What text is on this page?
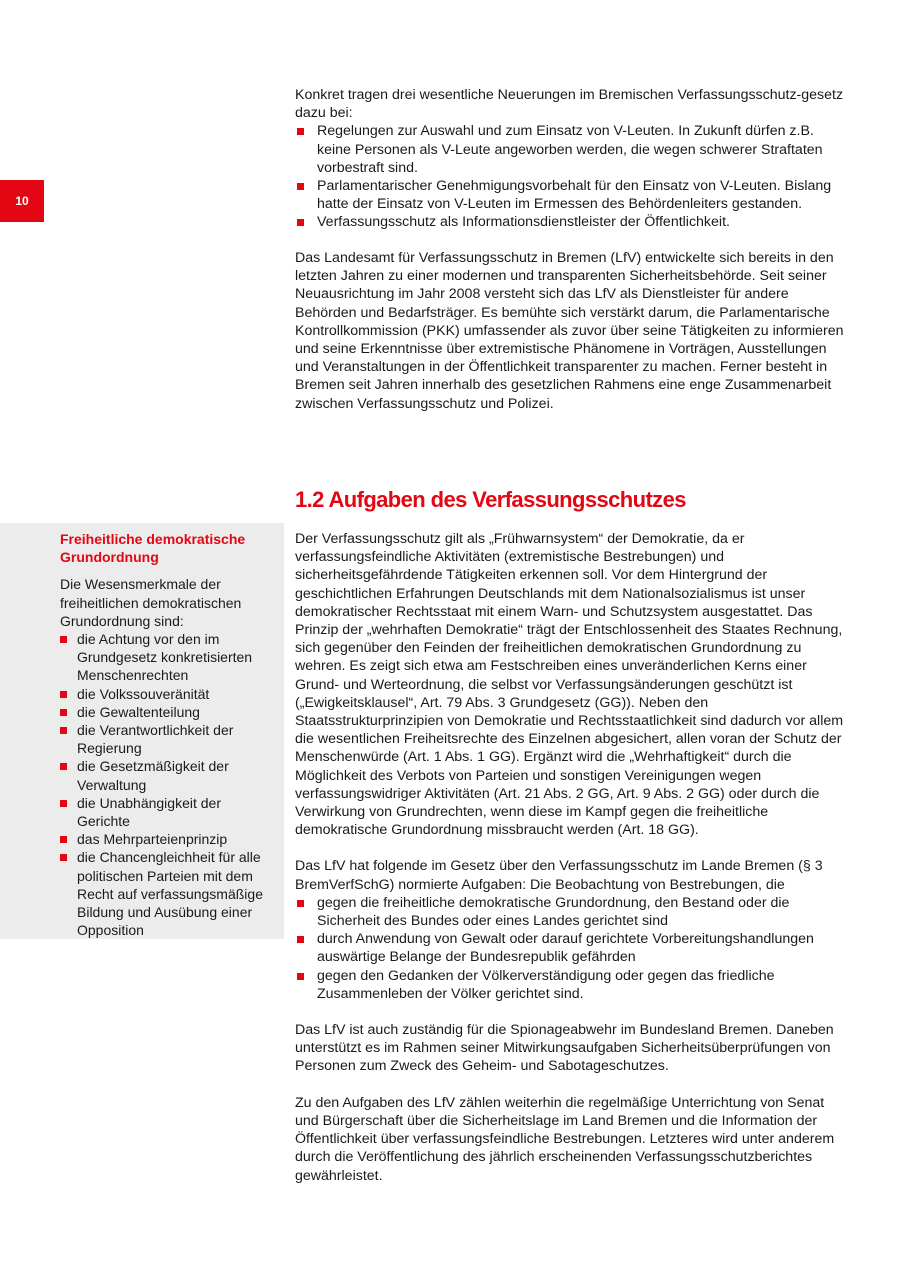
10

Konkret tragen drei wesentliche Neuerungen im Bremischen Verfassungsschutz-gesetz dazu bei:

Regelungen zur Auswahl und zum Einsatz von V-Leuten. In Zukunft dürfen z.B. keine Personen als V-Leute angeworben werden, die wegen schwerer Straftaten vorbestraft sind.
Parlamentarischer Genehmigungsvorbehalt für den Einsatz von V-Leuten. Bislang hatte der Einsatz von V-Leuten im Ermessen des Behördenleiters gestanden.
Verfassungsschutz als Informationsdienstleister der Öffentlichkeit.

Das Landesamt für Verfassungsschutz in Bremen (LfV) entwickelte sich bereits in den letzten Jahren zu einer modernen und transparenten Sicherheitsbehörde. Seit seiner Neuausrichtung im Jahr 2008 versteht sich das LfV als Dienstleister für andere Behörden und Bedarfsträger. Es bemühte sich verstärkt darum, die Parlamentarische Kontrollkommission (PKK) umfassender als zuvor über seine Tätigkeiten zu informieren und seine Erkenntnisse über extremistische Phänomene in Vorträgen, Ausstellungen und Veranstaltungen in der Öffentlichkeit transparenter zu machen. Ferner besteht in Bremen seit Jahren innerhalb des gesetzlichen Rahmens eine enge Zusammenarbeit zwischen Verfassungsschutz und Polizei.

1.2 Aufgaben des Verfassungsschutzes

Freiheitliche demokratische Grundordnung

Die Wesensmerkmale der freiheitlichen demokratischen Grundordnung sind:

die Achtung vor den im Grundgesetz konkretisierten Menschenrechten
die Volkssouveränität
die Gewaltenteilung
die Verantwortlichkeit der Regierung
die Gesetzmäßigkeit der Verwaltung
die Unabhängigkeit der Gerichte
das Mehrparteienprinzip
die Chancengleichheit für alle politischen Parteien mit dem Recht auf verfassungsmäßige Bildung und Ausübung einer Opposition

Der Verfassungsschutz gilt als „Frühwarnsystem“ der Demokratie, da er verfassungsfeindliche Aktivitäten (extremistische Bestrebungen) und sicherheitsgefährdende Tätigkeiten erkennen soll. Vor dem Hintergrund der geschichtlichen Erfahrungen Deutschlands mit dem Nationalsozialismus ist unser demokratischer Rechtsstaat mit einem Warn- und Schutzsystem ausgestattet. Das Prinzip der „wehrhaften Demokratie“ trägt der Entschlossenheit des Staates Rechnung, sich gegenüber den Feinden der freiheitlichen demokratischen Grundordnung zu wehren. Es zeigt sich etwa am Festschreiben eines unveränderlichen Kerns einer Grund- und Werteordnung, die selbst vor Verfassungsänderungen geschützt ist („Ewigkeitsklausel“, Art. 79 Abs. 3 Grundgesetz (GG)). Neben den Staatsstrukturprinzipien von Demokratie und Rechtsstaatlichkeit sind dadurch vor allem die wesentlichen Freiheitsrechte des Einzelnen abgesichert, allen voran der Schutz der Menschenwürde (Art. 1 Abs. 1 GG). Ergänzt wird die „Wehrhaftigkeit“ durch die Möglichkeit des Verbots von Parteien und sonstigen Vereinigungen wegen verfassungswidriger Aktivitäten (Art. 21 Abs. 2 GG, Art. 9 Abs. 2 GG) oder durch die Verwirkung von Grundrechten, wenn diese im Kampf gegen die freiheitliche demokratische Grundordnung missbraucht werden (Art. 18 GG).

Das LfV hat folgende im Gesetz über den Verfassungsschutz im Lande Bremen (§ 3 BremVerfSchG) normierte Aufgaben: Die Beobachtung von Bestrebungen, die

gegen die freiheitliche demokratische Grundordnung, den Bestand oder die Sicherheit des Bundes oder eines Landes gerichtet sind
durch Anwendung von Gewalt oder darauf gerichtete Vorbereitungshandlungen auswärtige Belange der Bundesrepublik gefährden
gegen den Gedanken der Völkerverständigung oder gegen das friedliche Zusammenleben der Völker gerichtet sind.

Das LfV ist auch zuständig für die Spionageabwehr im Bundesland Bremen. Daneben unterstützt es im Rahmen seiner Mitwirkungsaufgaben Sicherheitsüberprüfungen von Personen zum Zweck des Geheim- und Sabotageschutzes.

Zu den Aufgaben des LfV zählen weiterhin die regelmäßige Unterrichtung von Senat und Bürgerschaft über die Sicherheitslage im Land Bremen und die Information der Öffentlichkeit über verfassungsfeindliche Bestrebungen. Letzteres wird unter anderem durch die Veröffentlichung des jährlich erscheinenden Verfassungsschutzberichtes gewährleistet.
